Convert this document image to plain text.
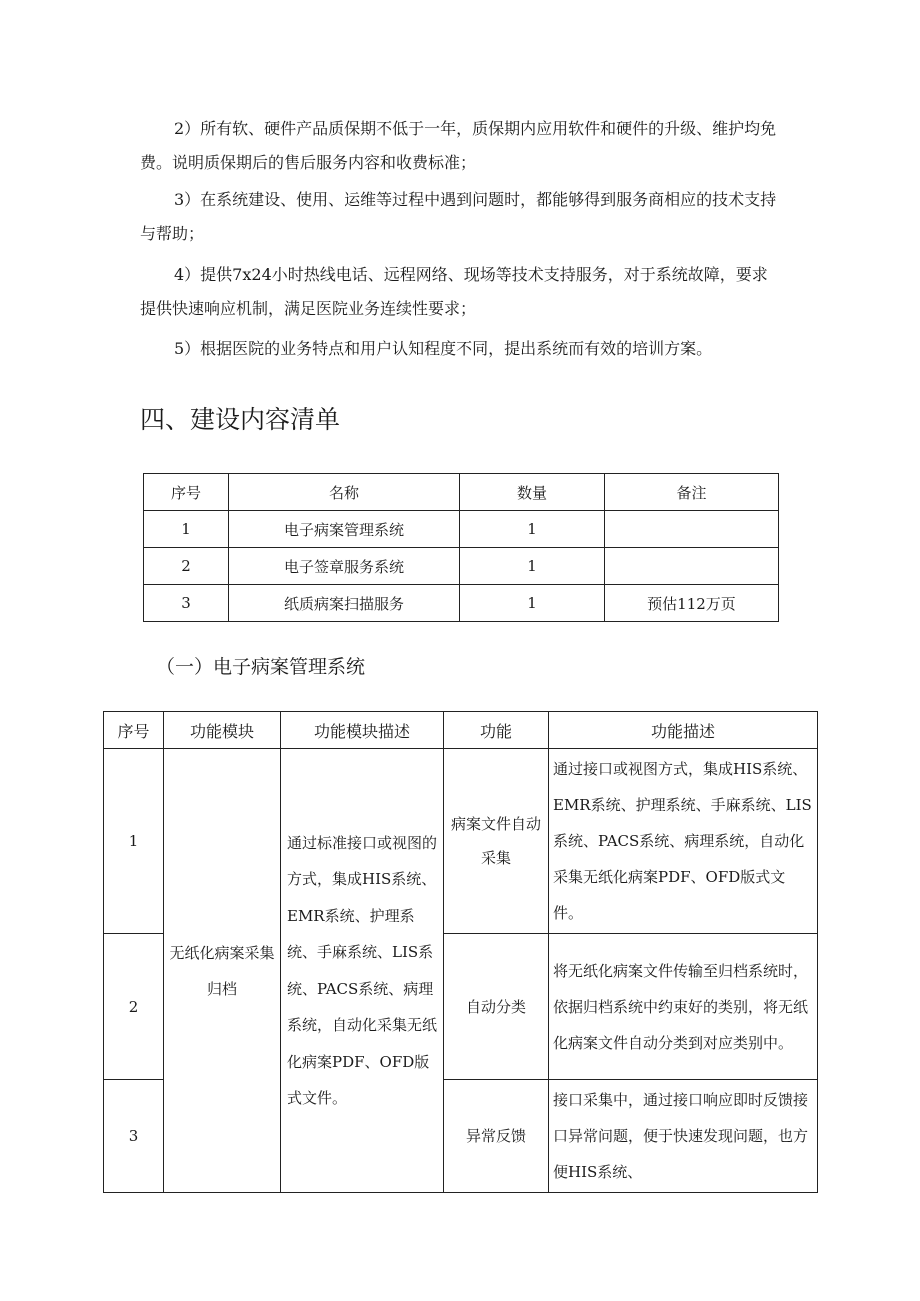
2）所有软、硬件产品质保期不低于一年，质保期内应用软件和硬件的升级、维护均免
费。说明质保期后的售后服务内容和收费标准；
3）在系统建设、使用、运维等过程中遇到问题时，都能够得到服务商相应的技术支持
与帮助；
4）提供7x24小时热线电话、远程网络、现场等技术支持服务，对于系统故障，要求
提供快速响应机制，满足医院业务连续性要求；
5）根据医院的业务特点和用户认知程度不同，提出系统而有效的培训方案。
四、建设内容清单
序号	名称	数量	备注
1	电子病案管理系统	1	
2	电子签章服务系统	1	
3	纸质病案扫描服务	1	预估112万页
（一）电子病案管理系统
序号	功能模块	功能模块描述	功能	功能描述
1	无纸化病案采集归档	通过标准接口或视图的方式，集成HIS系统、EMR系统、护理系统、手麻系统、LIS系统、PACS系统、病理系统，自动化采集无纸化病案PDF、OFD版式文件。	病案文件自动采集	通过接口或视图方式，集成HIS系统、EMR系统、护理系统、手麻系统、LIS系统、PACS系统、病理系统，自动化采集无纸化病案PDF、OFD版式文件。
2			自动分类	将无纸化病案文件传输至归档系统时，依据归档系统中约束好的类别，将无纸化病案文件自动分类到对应类别中。
3			异常反馈	接口采集中，通过接口响应即时反馈接口异常问题，便于快速发现问题，也方便HIS系统、
